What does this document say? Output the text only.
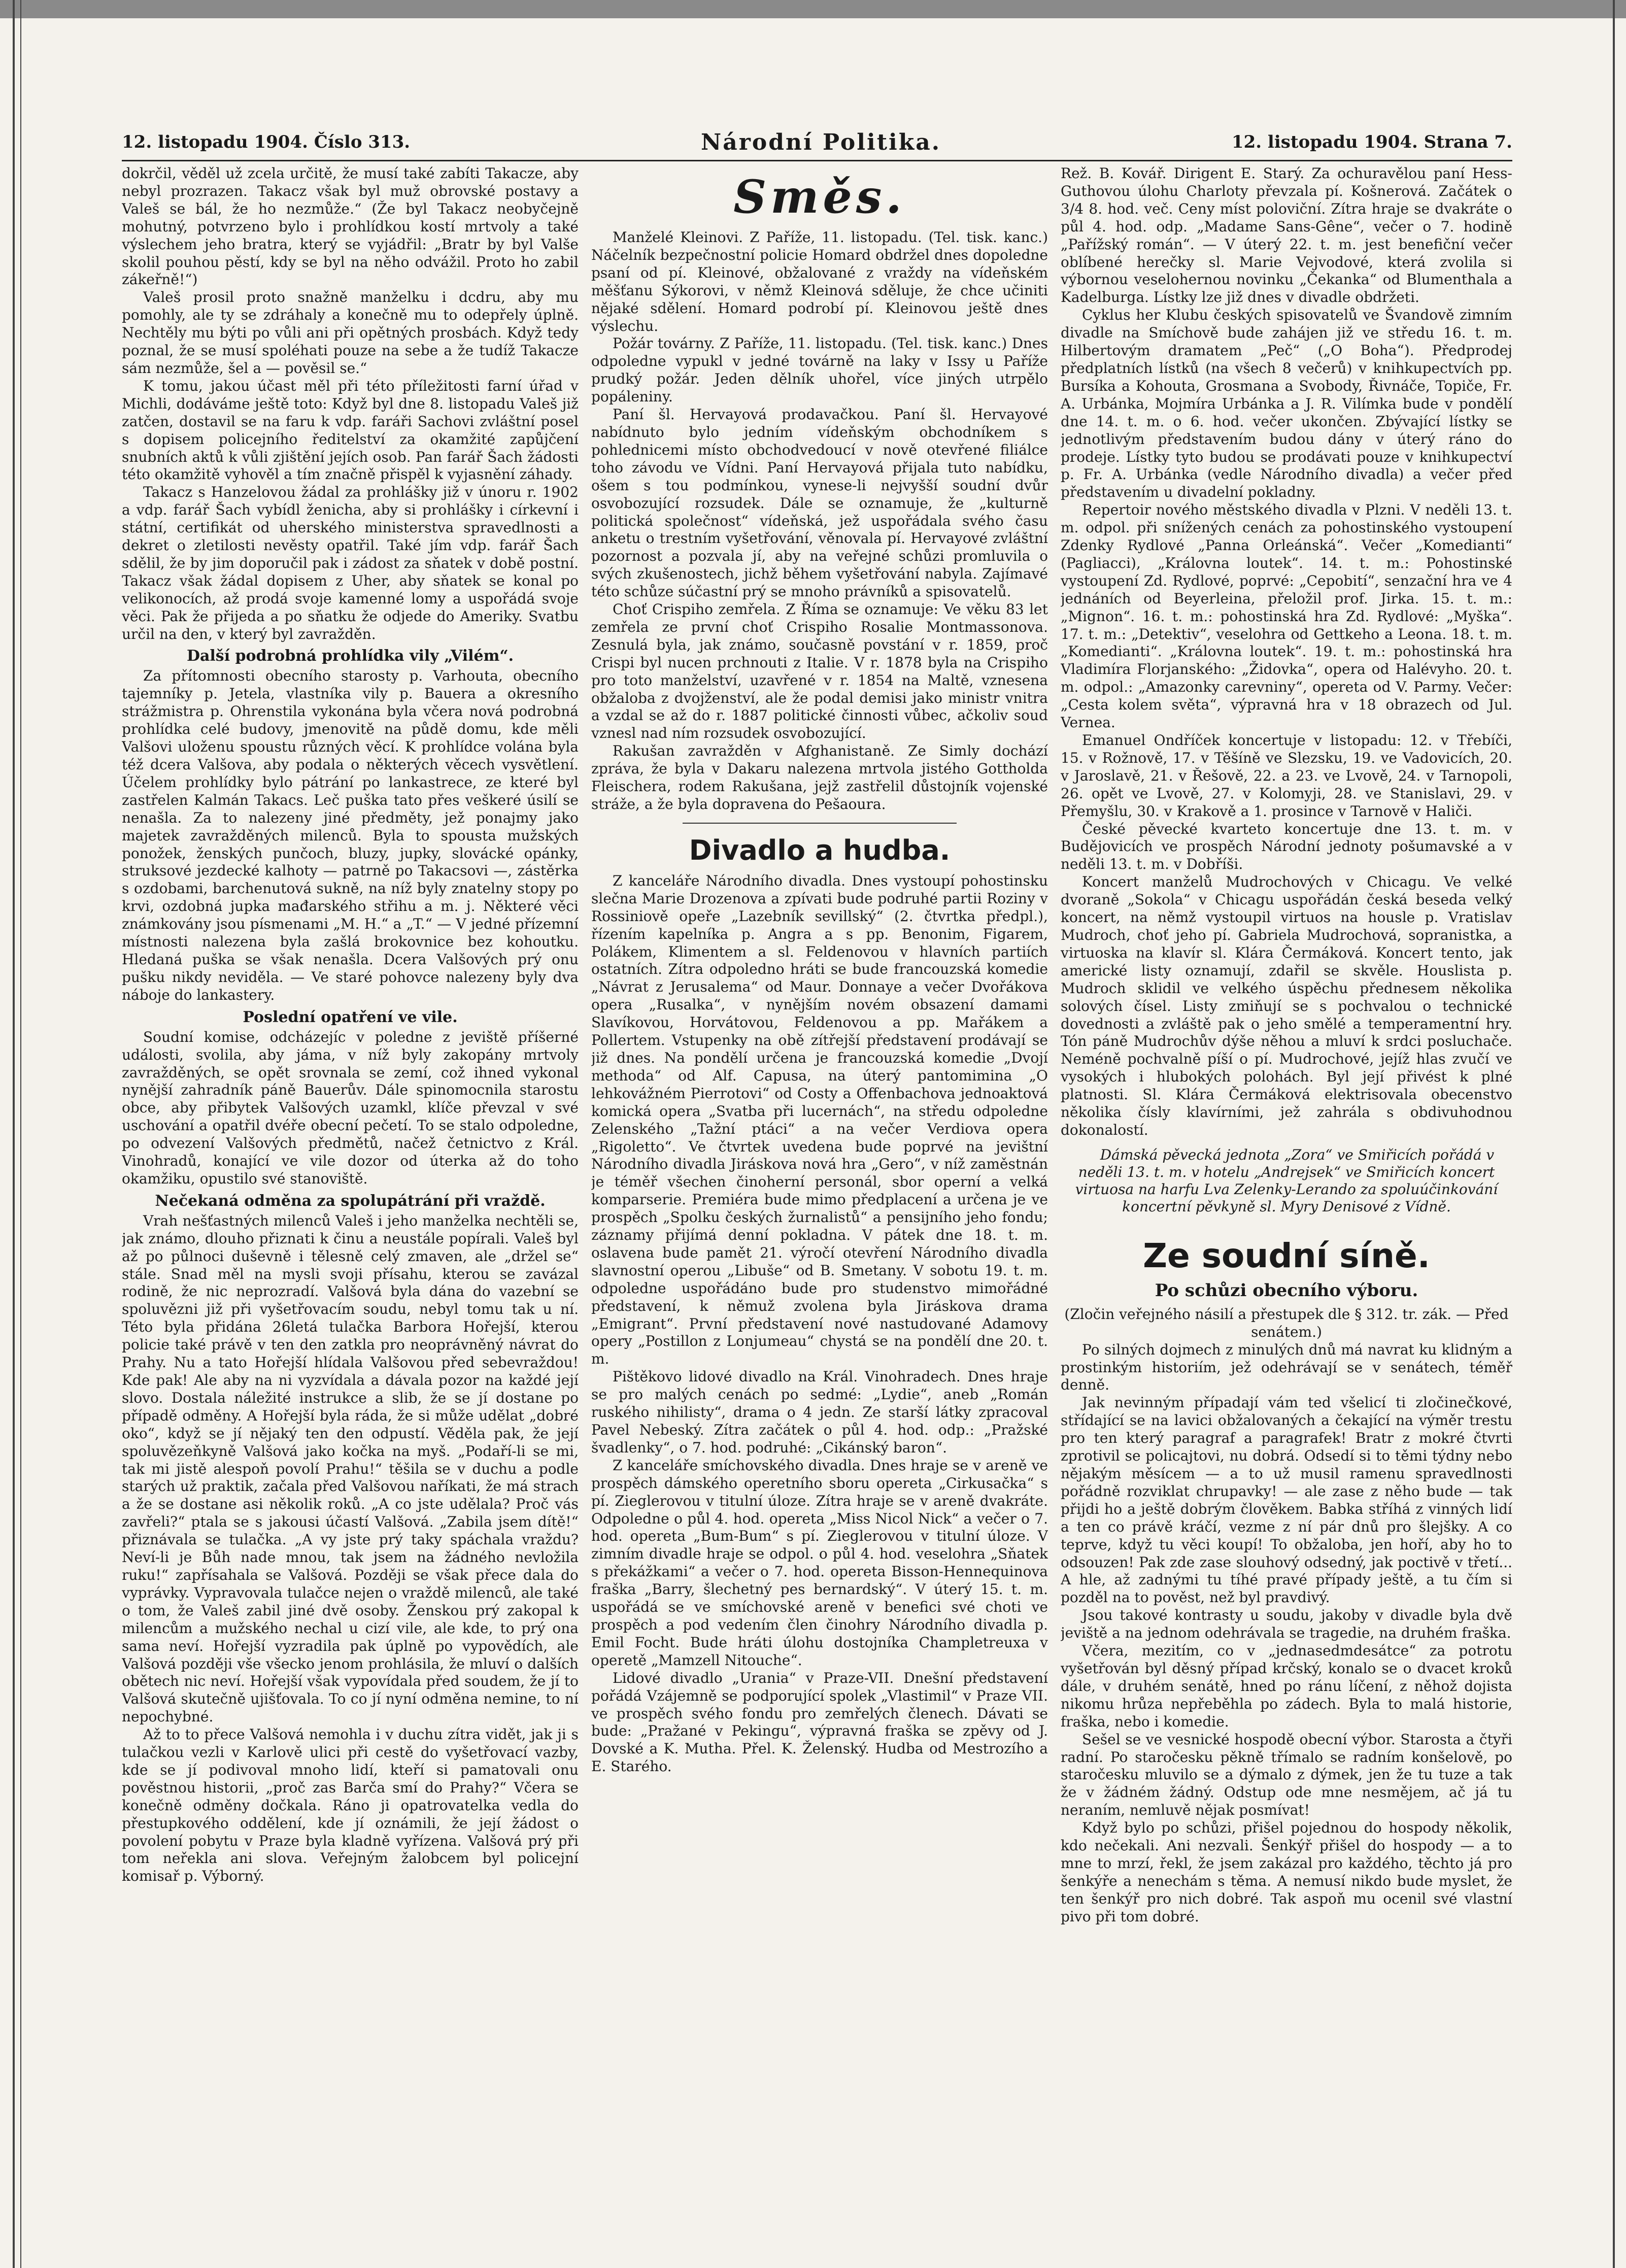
12. listopadu 1904. Číslo 313.	Národní Politika.	12. listopadu 1904. Strana 7.

dokrčil, věděl už zcela určitě, že musí také zabíti Takacze, aby nebyl prozrazen. Takacz však byl muž obrovské postavy a Valeš se bál, že ho nezmůže.“ (Že byl Takacz neobyčejně mohutný, potvrzeno bylo i prohlídkou kostí mrtvoly a také výslechem jeho bratra, který se vyjádřil: „Bratr by byl Valše skolil pouhou pěstí, kdy se byl na něho odvážil. Proto ho zabil zákeřně!“)

Valeš prosil proto snažně manželku i dcdru, aby mu pomohly, ale ty se zdráhaly a konečně mu to odepřely úplně. Nechtěly mu býti po vůli ani při opětných prosbách. Když tedy poznal, že se musí spoléhati pouze na sebe a že tudíž Takacze sám nezmůže, šel a — pověsil se.“

K tomu, jakou účast měl při této příležitosti farní úřad v Michli, dodáváme ještě toto: Když byl dne 8. listopadu Valeš již zatčen, dostavil se na faru k vdp. faráři Sachovi zvláštní posel s dopisem policejního ředitelství za okamžité zapůjčení snubních aktů k vůli zjištění jejích osob. Pan farář Šach žádosti této okamžitě vyhověl a tím značně přispěl k vyjasnění záhady.

Takacz s Hanzelovou žádal za prohlášky již v únoru r. 1902 a vdp. farář Šach vybídl ženicha, aby si prohlášky i církevní i státní, certifikát od uherského ministerstva spravedlnosti a dekret o zletilosti nevěsty opatřil. Také jím vdp. farář Šach sdělil, že by jim doporučil pak i zádost za sňatek v době postní. Takacz však žádal dopisem z Uher, aby sňatek se konal po velikonocích, až prodá svoje kamenné lomy a uspořádá svoje věci. Pak že přijeda a po sňatku že odjede do Ameriky. Svatbu určil na den, v který byl zavražděn.

Další podrobná prohlídka vily „Vilém“.

Za přítomnosti obecního starosty p. Varhouta, obecního tajemníky p. Jetela, vlastníka vily p. Bauera a okresního strážmistra p. Ohrenstila vykonána byla včera nová podrobná prohlídka celé budovy, jmenovitě na půdě domu, kde měli Valšovi uloženu spoustu různých věcí. K prohlídce volána byla též dcera Valšova, aby podala o některých věcech vysvětlení. Účelem prohlídky bylo pátrání po lankastrece, ze které byl zastřelen Kalmán Takacs. Leč puška tato přes veškeré úsilí se nenašla. Za to nalezeny jiné předměty, jež ponajmy jako majetek zavražděných milenců. Byla to spousta mužských ponožek, ženských punčoch, bluzy, jupky, slovácké opánky, struksové jezdecké kalhoty — patrně po Takacsovi —, zástěrka s ozdobami, barchenutová sukně, na níž byly znatelny stopy po krvi, ozdobná jupka mađarského střihu a m. j. Některé věci známkovány jsou písmenami „M. H.“ a „T.“ — V jedné přízemní místnosti nalezena byla zašlá brokovnice bez kohoutku. Hledaná puška se však nenašla. Dcera Valšových prý onu pušku nikdy neviděla. — Ve staré pohovce nalezeny byly dva náboje do lankastery.

Poslední opatření ve vile.

Soudní komise, odcházejíc v poledne z jeviště příšerné události, svolila, aby jáma, v níž byly zakopány mrtvoly zavražděných, se opět srovnala se zemí, což ihned vykonal nynější zahradník páně Bauerův. Dále spinomocnila starostu obce, aby přibytek Valšových uzamkl, klíče převzal v své uschování a opatřil dvéře obecní pečetí. To se stalo odpoledne, po odvezení Valšových předmětů, načež četnictvo z Král. Vinohradů, konající ve vile dozor od úterka až do toho okamžiku, opustilo své stanoviště.

Nečekaná odměna za spolupátrání při vraždě.

Vrah nešťastných milenců Valeš i jeho manželka nechtěli se, jak známo, dlouho přiznati k činu a neustále popírali. Valeš byl až po půlnoci duševně i tělesně celý zmaven, ale „držel se“ stále. Snad měl na mysli svoji přísahu, kterou se zavázal rodině, že nic neprozradí. Valšová byla dána do vazební se spoluvězni již při vyšetřovacím soudu, nebyl tomu tak u ní. Této byla přidána 26letá tulačka Barbora Hořejší, kterou policie také právě v ten den zatkla pro neoprávněný návrat do Prahy. Nu a tato Hořejší hlídala Valšovou před sebevraždou! Kde pak! Ale aby na ni vyzvídala a dávala pozor na každé její slovo. Dostala náležité instrukce a slib, že se jí dostane po případě odměny. A Hořejší byla ráda, že si může udělat „dobré oko“, když se jí nějaký ten den odpustí. Věděla pak, že její spoluvězeňkyně Valšová jako kočka na myš. „Podaří-li se mi, tak mi jistě alespoň povolí Prahu!“ těšila se v duchu a podle starých už praktik, začala před Valšovou naříkati, že má strach a že se dostane asi několik roků. „A co jste udělala? Proč vás zavřeli?“ ptala se s jakousi účastí Valšová. „Zabila jsem dítě!“ přiznávala se tulačka. „A vy jste prý taky spáchala vraždu? Neví-li je Bůh nade mnou, tak jsem na žádného nevložila ruku!“ zapřísahala se Valšová. Později se však přece dala do vyprávky. Vypravovala tulačce nejen o vraždě milenců, ale také o tom, že Valeš zabil jiné dvě osoby. Ženskou prý zakopal k milencům a mužského nechal u cizí vile, ale kde, to prý ona sama neví. Hořejší vyzradila pak úplně po vypovědích, ale Valšová později vše všecko jenom prohlásila, že mluví o dalších obětech nic neví. Hořejší však vypovídala před soudem, že jí to Valšová skutečně ujišťovala. To co jí nyní odměna nemine, to ní nepochybné.

Až to to přece Valšová nemohla i v duchu zítra vidět, jak ji s tulačkou vezli v Karlově ulici při cestě do vyšetřovací vazby, kde se jí podivoval mnoho lidí, kteří si pamatovali onu pověstnou historii, „proč zas Barča smí do Prahy?“ Včera se konečně odměny dočkala. Ráno ji opatrovatelka vedla do přestupkového oddělení, kde jí oznámili, že její žádost o povolení pobytu v Praze byla kladně vyřízena. Valšová prý při tom neřekla ani slova. Veřejným žalobcem byl policejní komisař p. Výborný.

Směs.

Manželé Kleinovi. Z Paříže, 11. listopadu. (Tel. tisk. kanc.) Náčelník bezpečnostní policie Homard obdržel dnes dopoledne psaní od pí. Kleinové, obžalované z vraždy na vídeňském měšťanu Sýkorovi, v němž Kleinová sděluje, že chce učiniti nějaké sdělení. Homard podrobí pí. Kleinovou ještě dnes výslechu.

Požár továrny. Z Paříže, 11. listopadu. (Tel. tisk. kanc.) Dnes odpoledne vypukl v jedné továrně na laky v Issy u Paříže prudký požár. Jeden dělník uhořel, více jiných utrpělo popáleniny.

Paní šl. Hervayová prodavačkou. Paní šl. Hervayové nabídnuto bylo jedním vídeňským obchodníkem s pohlednicemi místo obchodvedoucí v nově otevřené filiálce toho závodu ve Vídni. Paní Hervayová přijala tuto nabídku, ošem s tou podmínkou, vynese-li nejvyšší soudní dvůr osvobozující rozsudek. Dále se oznamuje, že „kulturně politická společnost“ vídeňská, jež uspořádala svého času anketu o trestním vyšetřování, věnovala pí. Hervayové zvláštní pozornost a pozvala jí, aby na veřejné schůzi promluvila o svých zkušenostech, jichž během vyšetřování nabyla. Zajímavé této schůze súčastní prý se mnoho právníků a spisovatelů.

Choť Crispiho zemřela. Z Říma se oznamuje: Ve věku 83 let zemřela ze první choť Crispiho Rosalie Montmassonova. Zesnulá byla, jak známo, současně povstání v r. 1859, proč Crispi byl nucen prchnouti z Italie. V r. 1878 byla na Crispiho pro toto manželství, uzavřené v r. 1854 na Maltě, vznesena obžaloba z dvojženství, ale že podal demisi jako ministr vnitra a vzdal se až do r. 1887 politické činnosti vůbec, ačkoliv soud vznesl nad ním rozsudek osvobozující.

Rakušan zavražděn v Afghanistaně. Ze Simly dochází zpráva, že byla v Dakaru nalezena mrtvola jistého Gottholda Fleischera, rodem Rakušana, jejž zastřelil důstojník vojenské stráže, a že byla dopravena do Pešaoura.

Divadlo a hudba.

Z kanceláře Národního divadla. Dnes vystoupí pohostinsku slečna Marie Drozenova a zpívati bude podruhé partii Roziny v Rossiniově opeře „Lazebník sevillský“ (2. čtvrtka předpl.), řízením kapelníka p. Angra a s pp. Benonim, Figarem, Polákem, Klimentem a sl. Feldenovou v hlavních partiích ostatních. Zítra odpoledno hráti se bude francouzská komedie „Návrat z Jerusalema“ od Maur. Donnaye a večer Dvořákova opera „Rusalka“, v nynějším novém obsazení damami Slavíkovou, Horvátovou, Feldenovou a pp. Mařákem a Pollertem. Vstupenky na obě zítřejší představení prodávají se již dnes. Na pondělí určena je francouzská komedie „Dvojí methoda“ od Alf. Capusa, na úterý pantomimina „O lehkovážném Pierrotovi“ od Costy a Offenbachova jednoaktová komická opera „Svatba při lucernách“, na středu odpoledne Zelenského „Tažní ptáci“ a na večer Verdiova opera „Rigoletto“. Ve čtvrtek uvedena bude poprvé na jevištní Národního divadla Jiráskova nová hra „Gero“, v níž zaměstnán je téměř všechen činoherní personál, sbor operní a velká komparserie. Premiéra bude mimo předplacení a určena je ve prospěch „Spolku českých žurnalistů“ a pensijního jeho fondu; záznamy přijímá denní pokladna. V pátek dne 18. t. m. oslavena bude pamět 21. výročí otevření Národního divadla slavnostní operou „Libuše“ od B. Smetany. V sobotu 19. t. m. odpoledne uspořádáno bude pro studenstvo mimořádné představení, k němuž zvolena byla Jiráskova drama „Emigrant“. První představení nové nastudované Adamovy opery „Postillon z Lonjumeau“ chystá se na pondělí dne 20. t. m.

Pištěkovo lidové divadlo na Král. Vinohradech. Dnes hraje se pro malých cenách po sedmé: „Lydie“, aneb „Román ruského nihilisty“, drama o 4 jedn. Ze starší látky zpracoval Pavel Nebeský. Zítra začátek o půl 4. hod. odp.: „Pražské švadlenky“, o 7. hod. podruhé: „Cikánský baron“.

Z kanceláře smíchovského divadla. Dnes hraje se v areně ve prospěch dámského operetního sboru opereta „Cirkusačka“ s pí. Zieglerovou v titulní úloze. Zítra hraje se v areně dvakráte. Odpoledne o půl 4. hod. opereta „Miss Nicol Nick“ a večer o 7. hod. opereta „Bum-Bum“ s pí. Zieglerovou v titulní úloze. V zimním divadle hraje se odpol. o půl 4. hod. veselohra „Sňatek s překážkami“ a večer o 7. hod. opereta Bisson-Hennequinova fraška „Barry, šlechetný pes bernardský“. V úterý 15. t. m. uspořádá se ve smíchovské areně v benefici své choti ve prospěch a pod vedením člen činohry Národního divadla p. Emil Focht. Bude hráti úlohu dostojníka Champletreuxa v operetě „Mamzell Nitouche“.

Lidové divadlo „Urania“ v Praze-VII. Dnešní představení pořádá Vzájemně se podporující spolek „Vlastimil“ v Praze VII. ve prospěch svého fondu pro zemřelých členech. Dávati se bude: „Pražané v Pekingu“, výpravná fraška se zpěvy od J. Dovské a K. Mutha. Přel. K. Želenský. Hudba od Mestrozího a E. Starého.

Rež. B. Kovář. Dirigent E. Starý. Za ochuravělou paní Hess-Guthovou úlohu Charloty převzala pí. Košnerová. Začátek o 3/4 8. hod. več. Ceny míst poloviční. Zítra hraje se dvakráte o půl 4. hod. odp. „Madame Sans-Gêne“, večer o 7. hodině „Pařížský román“. — V úterý 22. t. m. jest benefiční večer oblíbené herečky sl. Marie Vejvodové, která zvolila si výbornou veselohernou novinku „Čekanka“ od Blumenthala a Kadelburga. Lístky lze již dnes v divadle obdržeti.

Cyklus her Klubu českých spisovatelů ve Švandově zimním divadle na Smíchově bude zahájen již ve středu 16. t. m. Hilbertovým dramatem „Peč“ („O Boha“). Předprodej předplatních lístků (na všech 8 večerů) v knihkupectvích pp. Bursíka a Kohouta, Grosmana a Svobody, Řivnáče, Topiče, Fr. A. Urbánka, Mojmíra Urbánka a J. R. Vilímka bude v pondělí dne 14. t. m. o 6. hod. večer ukončen. Zbývající lístky se jednotlivým představením budou dány v úterý ráno do prodeje. Lístky tyto budou se prodávati pouze v knihkupectví p. Fr. A. Urbánka (vedle Národního divadla) a večer před představením u divadelní pokladny.

Repertoir nového městského divadla v Plzni. V neděli 13. t. m. odpol. při snížených cenách za pohostinského vystoupení Zdenky Rydlové „Panna Orleánská“. Večer „Komedianti“ (Pagliacci), „Královna loutek“. 14. t. m.: Pohostinské vystoupení Zd. Rydlové, poprvé: „Cepobití“, senzační hra ve 4 jednáních od Beyerleina, přeložil prof. Jirka. 15. t. m.: „Mignon“. 16. t. m.: pohostinská hra Zd. Rydlové: „Myška“. 17. t. m.: „Detektiv“, veselohra od Gettkeho a Leona. 18. t. m. „Komedianti“. „Královna loutek“. 19. t. m.: pohostinská hra Vladimíra Florjanského: „Židovka“, opera od Halévyho. 20. t. m. odpol.: „Amazonky carevniny“, opereta od V. Parmy. Večer: „Cesta kolem světa“, výpravná hra v 18 obrazech od Jul. Vernea.

Emanuel Ondříček koncertuje v listopadu: 12. v Třebíči, 15. v Rožnově, 17. v Těšíně ve Slezsku, 19. ve Vadovicích, 20. v Jaroslavě, 21. v Řešově, 22. a 23. ve Lvově, 24. v Tarnopoli, 26. opět ve Lvově, 27. v Kolomyji, 28. ve Stanislavi, 29. v Přemyšlu, 30. v Krakově a 1. prosince v Tarnově v Haliči.

České pěvecké kvarteto koncertuje dne 13. t. m. v Budějovicích ve prospěch Národní jednoty pošumavské a v neděli 13. t. m. v Dobříši.

Koncert manželů Mudrochových v Chicagu. Ve velké dvoraně „Sokola“ v Chicagu uspořádán česká beseda velký koncert, na němž vystoupil virtuos na housle p. Vratislav Mudroch, choť jeho pí. Gabriela Mudrochová, sopranistka, a virtuoska na klavír sl. Klára Čermáková. Koncert tento, jak americké listy oznamují, zdařil se skvěle. Houslista p. Mudroch sklidil ve velkého úspěchu přednesem několika solových čísel. Listy zmiňují se s pochvalou o technické dovednosti a zvláště pak o jeho smělé a temperamentní hry. Tón páně Mudrochův dýše něhou a mluví k srdci posluchače. Neméně pochvalně píší o pí. Mudrochové, jejíž hlas zvučí ve vysokých i hlubokých polohách. Byl její přivést k plné platnosti. Sl. Klára Čermáková elektrisovala obecenstvo několika čísly klavírními, jež zahrála s obdivuhodnou dokonalostí.

Dámská pěvecká jednota „Zora“ ve Smiřicích pořádá v neděli 13. t. m. v hotelu „Andrejsek“ ve Smiřicích koncert virtuosa na harfu Lva Zelenky-Lerando za spoluúčinkování koncertní pěvkyně sl. Myry Denisové z Vídně.

Ze soudní síně.
Po schůzi obecního výboru.

(Zločin veřejného násilí a přestupek dle § 312. tr. zák. — Před senátem.)

Po silných dojmech z minulých dnů má navrat ku klidným a prostinkým historiím, jež odehrávají se v senátech, téměř denně.

Jak nevinným případají vám ted všelicí ti zločinečkové, střídající se na lavici obžalovaných a čekající na výměr trestu pro ten který paragraf a paragrafek! Bratr z mokré čtvrti zprotivil se policajtovi, nu dobrá. Odsedí si to těmi týdny nebo nějakým měsícem — a to už musil ramenu spravedlnosti pořádně rozviklat chrupavky! — ale zase z něho bude — tak přijdi ho a ještě dobrým člověkem. Babka stříhá z vinných lidí a ten co právě kráčí, vezme z ní pár dnů pro šlejšky. A co teprve, když tu věci koupí! To obžaloba, jen hoří, aby ho to odsouzen! Pak zde zase slouhový odsedný, jak poctivě v třetí... A hle, až zadnými tu tíhé pravé případy ještě, a tu čím si pozděl na to pověst, než byl pravdivý.

Jsou takové kontrasty u soudu, jakoby v divadle byla dvě jeviště a na jednom odehrávala se tragedie, na druhém fraška.

Včera, mezitím, co v „jednasedmdesátce“ za potrotu vyšetřován byl děsný případ krčský, konalo se o dvacet kroků dále, v druhém senátě, hned po ránu líčení, z něhož dojista nikomu hrůza nepřeběhla po zádech. Byla to malá historie, fraška, nebo i komedie.

Sešel se ve vesnické hospodě obecní výbor. Starosta a čtyři radní. Po staročesku pěkně třímalo se radním konšelově, po staročesku mluvilo se a dýmalo z dýmek, jen že tu tuze a tak že v žádném žádný. Odstup ode mne nesmějem, ač já tu neraním, nemluvě nějak posmívat!

Když bylo po schůzi, přišel pojednou do hospody několik, kdo nečekali. Ani nezvali. Šenkýř přišel do hospody — a to mne to mrzí, řekl, že jsem zakázal pro každého, těchto já pro šenkýře a nenechám s těma. A nemusí nikdo bude myslet, že ten šenkýř pro nich dobré. Tak aspoň mu ocenil své vlastní pivo při tom dobré.
